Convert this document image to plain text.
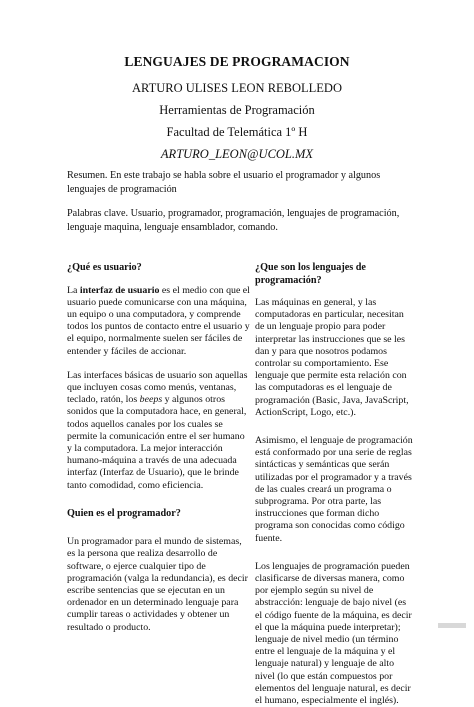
LENGUAJES DE PROGRAMACION
ARTURO ULISES LEON REBOLLEDO
Herramientas de Programación
Facultad de Telemática 1º H
ARTURO_LEON@UCOL.MX
Resumen. En este trabajo se habla sobre el usuario el programador y algunos lenguajes de programación
Palabras clave. Usuario, programador, programación, lenguajes de programación, lenguaje maquina, lenguaje ensamblador, comando.
¿Qué es usuario?

La interfaz de usuario es el medio con que el usuario puede comunicarse con una máquina, un equipo o una computadora, y comprende todos los puntos de contacto entre el usuario y el equipo, normalmente suelen ser fáciles de entender y fáciles de accionar.

Las interfaces básicas de usuario son aquellas que incluyen cosas como menús, ventanas, teclado, ratón, los beeps y algunos otros sonidos que la computadora hace, en general, todos aquellos canales por los cuales se permite la comunicación entre el ser humano y la computadora. La mejor interacción humano-máquina a través de una adecuada interfaz (Interfaz de Usuario), que le brinde tanto comodidad, como eficiencia.

Quien es el programador?

Un programador para el mundo de sistemas, es la persona que realiza desarrollo de software, o ejerce cualquier tipo de programación (valga la redundancia), es decir escribe sentencias que se ejecutan en un ordenador en un determinado lenguaje para cumplir tareas o actividades y obtener un resultado o producto.

¿Que son los lenguajes de programación?

Las máquinas en general, y las computadoras en particular, necesitan de un lenguaje propio para poder interpretar las instrucciones que se les dan y para que nosotros podamos controlar su comportamiento. Ese lenguaje que permite esta relación con las computadoras es el lenguaje de programación (Basic, Java, JavaScript, ActionScript, Logo, etc.).

Asimismo, el lenguaje de programación está conformado por una serie de reglas sintácticas y semánticas que serán utilizadas por el programador y a través de las cuales creará un programa o subprograma. Por otra parte, las instrucciones que forman dicho programa son conocidas como código fuente.

Los lenguajes de programación pueden clasificarse de diversas manera, como por ejemplo según su nivel de abstracción: lenguaje de bajo nivel (es el código fuente de la máquina, es decir el que la máquina puede interpretar); lenguaje de nivel medio (un término entre el lenguaje de la máquina y el lenguaje natural) y lenguaje de alto nivel (lo que están compuestos por elementos del lenguaje natural, es decir el humano, especialmente el inglés).
